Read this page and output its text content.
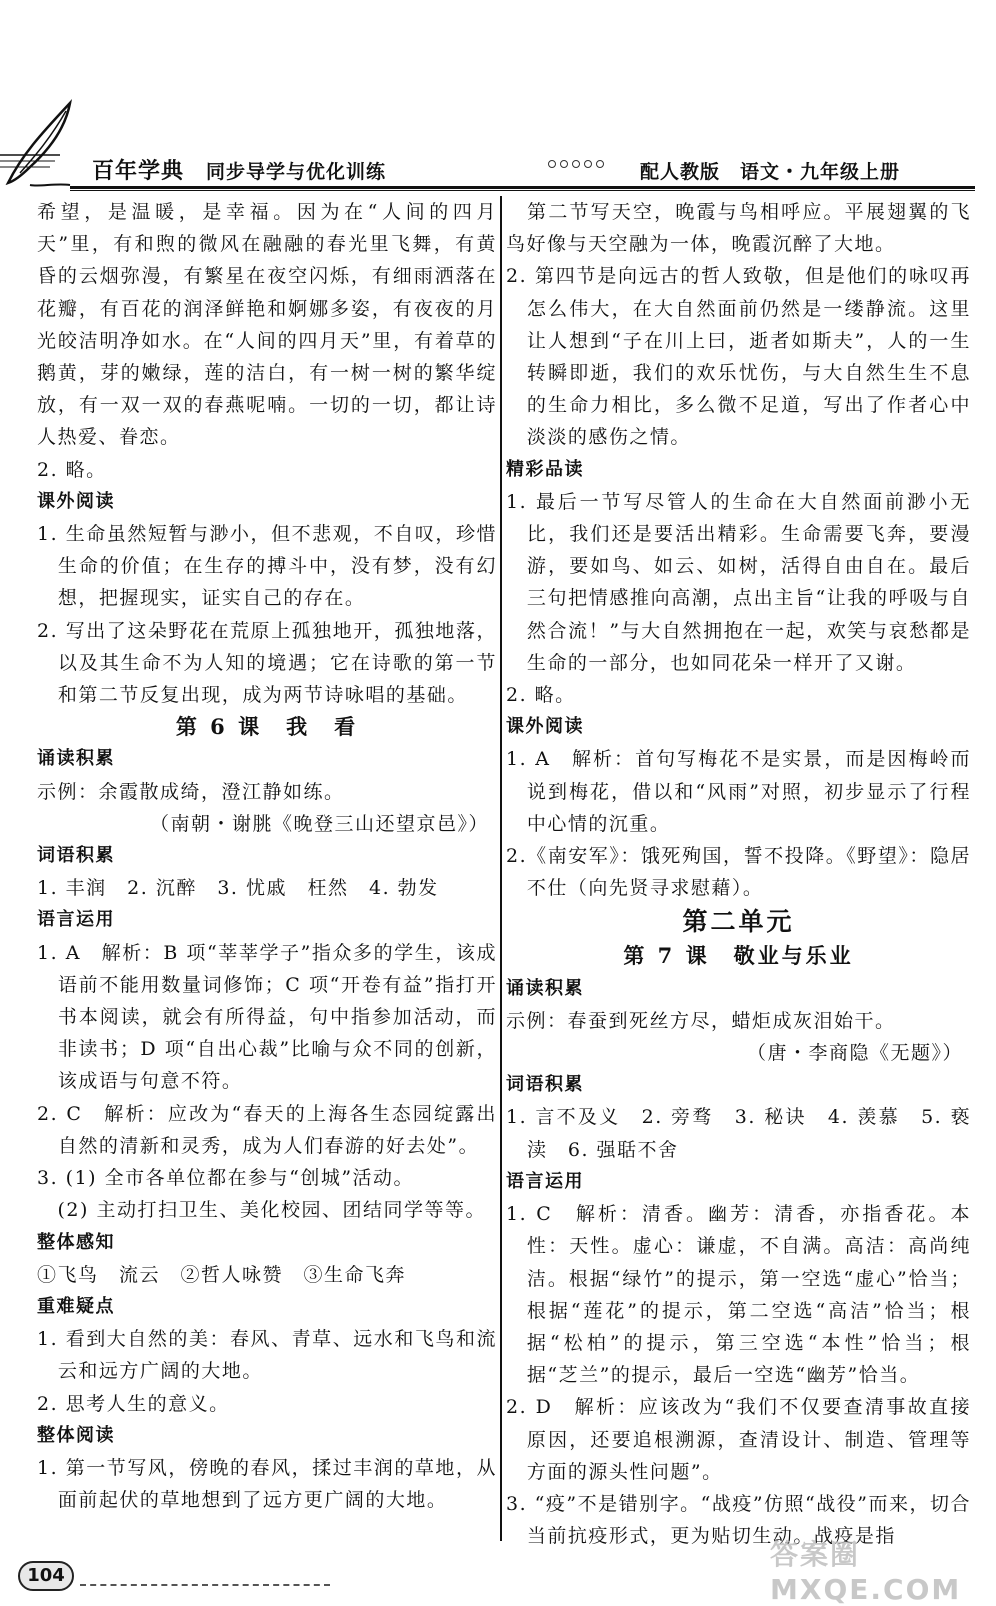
百年学典 同步导学与优化训练	配人教版　语文・九年级上册
希望，是温暖，是幸福。因为在“人间的四月天”里，有和煦的微风在融融的春光里飞舞，有黄昏的云烟弥漫，有繁星在夜空闪烁，有细雨洒落在花瓣，有百花的润泽鲜艳和婀娜多姿，有夜夜的月光皎洁明净如水。在“人间的四月天”里，有着草的鹅黄，芽的嫩绿，莲的洁白，有一树一树的繁华绽放，有一双一双的春燕呢喃。一切的一切，都让诗人热爱、眷恋。
2. 略。
课外阅读
1. 生命虽然短暂与渺小，但不悲观，不自叹，珍惜生命的价值；在生存的搏斗中，没有梦，没有幻想，把握现实，证实自己的存在。
2. 写出了这朵野花在荒原上孤独地开，孤独地落，以及其生命不为人知的境遇；它在诗歌的第一节和第二节反复出现，成为两节诗咏唱的基础。
第 6 课　我　看
诵读积累
示例：余霞散成绮，澄江静如练。
（南朝・谢朓《晚登三山还望京邑》）
词语积累
1. 丰润　2. 沉醉　3. 忧戚　枉然　4. 勃发
语言运用
1. A　解析：B 项“莘莘学子”指众多的学生，该成语前不能用数量词修饰；C 项“开卷有益”指打开书本阅读，就会有所得益，句中指参加活动，而非读书；D 项“自出心裁”比喻与众不同的创新，该成语与句意不符。
2. C　解析：应改为“春天的上海各生态园绽露出自然的清新和灵秀，成为人们春游的好去处”。
3. (1) 全市各单位都在参与“创城”活动。
　(2) 主动打扫卫生、美化校园、团结同学等等。
整体感知
①飞鸟　流云　②哲人咏赞　③生命飞奔
重难疑点
1. 看到大自然的美：春风、青草、远水和飞鸟和流云和远方广阔的大地。
2. 思考人生的意义。
整体阅读
1. 第一节写风，傍晚的春风，揉过丰润的草地，从面前起伏的草地想到了远方更广阔的大地。
　第二节写天空，晚霞与鸟相呼应。平展翅翼的飞鸟好像与天空融为一体，晚霞沉醉了大地。
2. 第四节是向远古的哲人致敬，但是他们的咏叹再怎么伟大，在大自然面前仍然是一缕静流。这里让人想到“子在川上曰，逝者如斯夫”，人的一生转瞬即逝，我们的欢乐忧伤，与大自然生生不息的生命力相比，多么微不足道，写出了作者心中淡淡的感伤之情。
精彩品读
1. 最后一节写尽管人的生命在大自然面前渺小无比，我们还是要活出精彩。生命需要飞奔，要漫游，要如鸟、如云、如树，活得自由自在。最后三句把情感推向高潮，点出主旨“让我的呼吸与自然合流！”与大自然拥抱在一起，欢笑与哀愁都是生命的一部分，也如同花朵一样开了又谢。
2. 略。
课外阅读
1. A　解析：首句写梅花不是实景，而是因梅岭而说到梅花，借以和“风雨”对照，初步显示了行程中心情的沉重。
2.《南安军》：饿死殉国，誓不投降。《野望》：隐居不仕（向先贤寻求慰藉）。
第二单元
第 7 课　敬业与乐业
诵读积累
示例：春蚕到死丝方尽，蜡炬成灰泪始干。
（唐・李商隐《无题》）
词语积累
1. 言不及义　2. 旁骛　3. 秘诀　4. 羡慕　5. 亵渎　6. 强聒不舍
语言运用
1. C　解析：清香。幽芳：清香，亦指香花。本性：天性。虚心：谦虚，不自满。高洁：高尚纯洁。根据“绿竹”的提示，第一空选“虚心”恰当；根据“莲花”的提示，第二空选“高洁”恰当；根据“松柏”的提示，第三空选“本性”恰当；根据“芝兰”的提示，最后一空选“幽芳”恰当。
2. D　解析：应该改为“我们不仅要查清事故直接原因，还要追根溯源，查清设计、制造、管理等方面的源头性问题”。
3. “疫”不是错别字。“战疫”仿照“战役”而来，切合当前抗疫形式，更为贴切生动。战疫是指
104
答案圈 MXQE.COM
